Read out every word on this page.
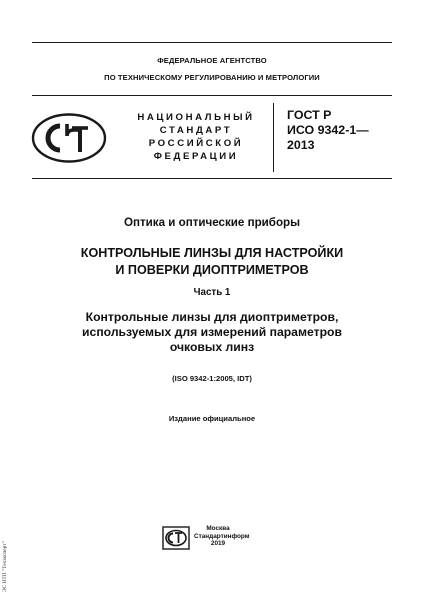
ФЕДЕРАЛЬНОЕ АГЕНТСТВО
ПО ТЕХНИЧЕСКОМУ РЕГУЛИРОВАНИЮ И МЕТРОЛОГИИ
НАЦИОНАЛЬНЫЙ
СТАНДАРТ
РОССИЙСКОЙ
ФЕДЕРАЦИИ
ГОСТ Р
ИСО 9342-1—
2013
Оптика и оптические приборы
КОНТРОЛЬНЫЕ ЛИНЗЫ ДЛЯ НАСТРОЙКИ
И ПОВЕРКИ ДИОПТРИМЕТРОВ
Часть 1
Контрольные линзы для диоптриметров,
используемых для измерений параметров
очковых линз
(ISO 9342-1:2005, IDT)
Издание официальное
Москва
Стандартинформ
2019
ЭС НТП "Техэксперт"
